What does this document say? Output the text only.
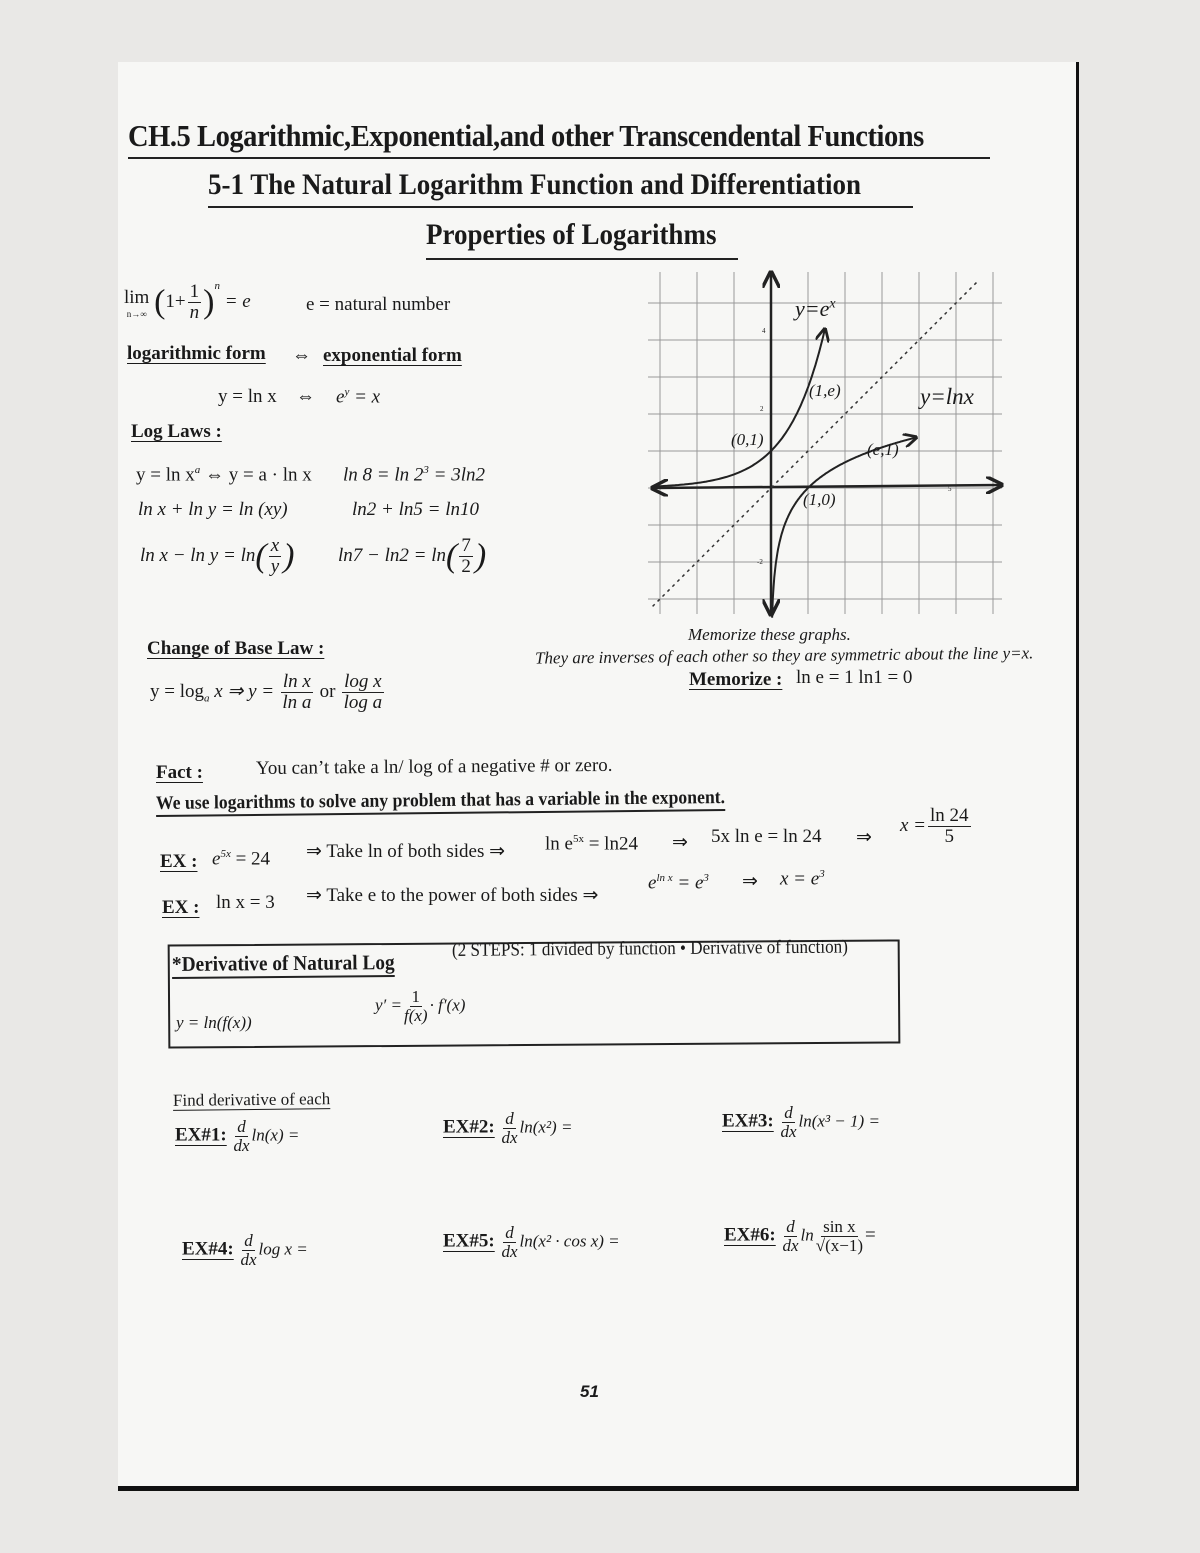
CH.5 Logarithmic,Exponential,and other Transcendental Functions
5-1 The Natural Logarithm Function and Differentiation
Properties of Logarithms
lim
n→∞ $(1+ \frac{1}{n} )^n = e$	e = natural number
logarithmic form ⇔ exponential form
y = ln x ⇔ $e^y = x$
Log Laws :
$y = \ln x^a$ ⇔ y = a · ln x $\ln 8 = \ln 2^3 = 3\ln 2$
ln x + ln y = ln (xy)	ln2 + ln5 = ln10
$\ln x - \ln y = \ln( \frac{x}{y}$ ) $\ln 7 - \ln 2 = \ln( \frac{7}{2}$ )
$y=e^x$
y=lnx
(1,e)
(0,1)
(e,1)
(1,0)
4
2
-2
5
Memorize these graphs.
They are inverses of each other so they are symmetric about the line y=x.
Memorize : ln e = 1 ln1 = 0
Change of Base Law :
$y = \log_a x$ ⇒ $y = \frac{\text{ln x}}{\text{ln a}}$ or $\frac{\text{log x}}{\text{log a}}$
Fact :	You can’t take a ln/ log of a negative # or zero.
We use logarithms to solve any problem that has a variable in the exponent.
EX : $e^{5x} = 24$ ⇒ Take ln of both sides ⇒ $\ln e^{5x} = \ln 24$ ⇒ 5x ln e = ln 24 ⇒
$x = \frac{\ln 24}{5}$
EX : ln x = 3 ⇒ Take e to the power of both sides ⇒
$e^{ln x} = e^3$ ⇒ $x = e^3$
*Derivative of Natural Log
(2 STEPS: 1 divided by function • Derivative of function)
y = ln(f(x))
$y' = \frac{1}{f(x)} \cdot f'(x)$
Find derivative of each
EX#1: $\frac{d}{dx} \ln(x)$ =	EX#2: $\frac{d}{dx} \ln(x^2)$ =	EX#3: $\frac{d}{dx} \ln(x^3 - 1)$ =
EX#4: $\frac{d}{dx}$ log x =	EX#5: $\frac{d}{dx} \ln(x^2 \cdot \cos x)$ =	EX#6: $\frac{d}{dx}$ $\ln \frac{\text{sin x}}{√(x-1)}$ =
51
